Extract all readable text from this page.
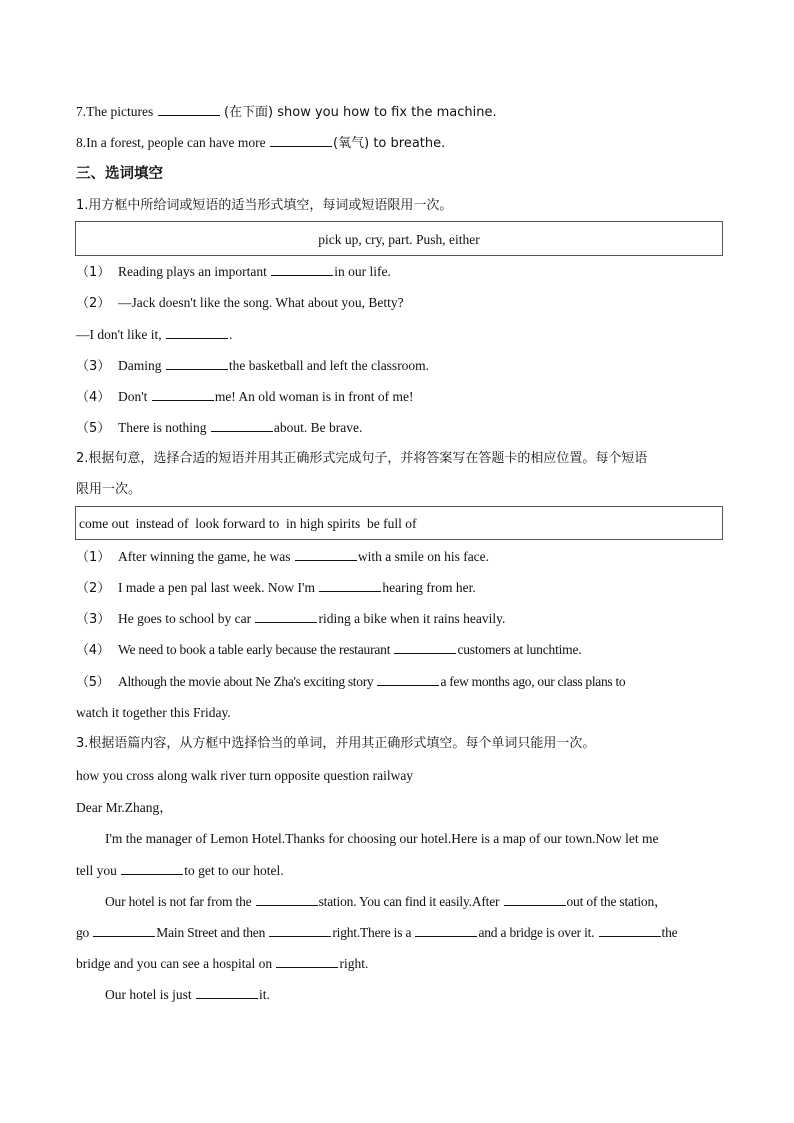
7.The pictures	(在下面) show you how to fix the machine.
8.In a forest, people can have more	(氧气) to breathe.
三、选词填空
1.用方框中所给词或短语的适当形式填空，每词或短语限用一次。
pick up, cry, part. Push, either
（1） Reading plays an important	in our life.
（2） —Jack doesn't like the song. What about you, Betty?
—I don't like it,	.
（3） Daming	the basketball and left the classroom.
（4） Don't	me! An old woman is in front of me!
（5） There is nothing	about. Be brave.
2.根据句意，选择合适的短语并用其正确形式完成句子，并将答案写在答题卡的相应位置。每个短语
限用一次。
come out  instead of  look forward to  in high spirits  be full of
（1） After winning the game, he was	with a smile on his face.
（2） I made a pen pal last week. Now I'm	hearing from her.
（3） He goes to school by car	riding a bike when it rains heavily.
（4） We need to book a table early because the restaurant	customers at lunchtime.
（5） Although the movie about Ne Zha's exciting story	a few months ago, our class plans to
watch it together this Friday.
3.根据语篇内容，从方框中选择恰当的单词，并用其正确形式填空。每个单词只能用一次。
how you cross along walk river turn opposite question railway
Dear Mr.Zhang，
I'm the manager of Lemon Hotel.Thanks for choosing our hotel.Here is a map of our town.Now let me
tell you	to get to our hotel.
Our hotel is not far from the	station. You can find it easily.After	out of the station，
go	Main Street and then	right.There is a	and a bridge is over it.	the
bridge and you can see a hospital on	right.
Our hotel is just	it.
